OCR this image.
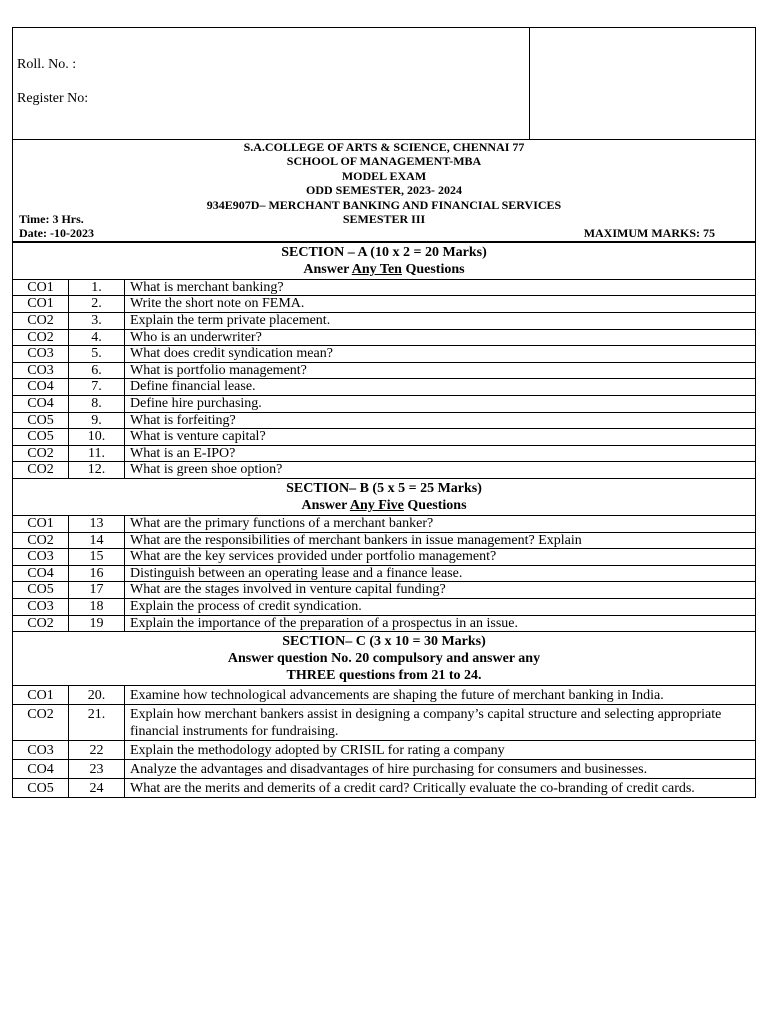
Roll. No. :
Register No:

S.A.COLLEGE OF ARTS & SCIENCE, CHENNAI 77
SCHOOL OF MANAGEMENT-MBA
MODEL EXAM
ODD SEMESTER, 2023- 2024
934E907D– MERCHANT BANKING AND FINANCIAL SERVICES
Time: 3 Hrs.	SEMESTER III
MAXIMUM MARKS: 75
Date: -10-2023
SECTION – A (10 x 2 = 20 Marks)
Answer Any Ten Questions		

CO1	1.	What is merchant banking?
CO1	2.	Write the short note on FEMA.
CO2	3.	Explain the term private placement.
CO2	4.	Who is an underwriter?
CO3	5.	What does credit syndication mean?
CO3	6.	What is portfolio management?
CO4	7.	Define financial lease.
CO4	8.	Define hire purchasing.
CO5	9.	What is forfeiting?
CO5	10.	What is venture capital?
CO2	11.	What is an E-IPO?
CO2	12.	What is green shoe option?

SECTION– B (5 x 5 = 25 Marks)
Answer Any Five Questions		

CO1	13	What are the primary functions of a merchant banker?
CO2	14	What are the responsibilities of merchant bankers in issue management? Explain
CO3	15	What are the key services provided under portfolio management?
CO4	16	Distinguish between an operating lease and a finance lease.
CO5	17	What are the stages involved in venture capital funding?
CO3	18	Explain the process of credit syndication.
CO2	19	Explain the importance of the preparation of a prospectus in an issue.

SECTION– C (3 x 10 = 30 Marks)
Answer question No. 20 compulsory and answer any
THREE questions from 21 to 24.		

CO1	20.	Examine how technological advancements are shaping the future of merchant banking in India.
CO2	21.	Explain how merchant bankers assist in designing a company’s capital structure and selecting appropriate financial instruments for fundraising.
CO3	22	Explain the methodology adopted by CRISIL for rating a company
CO4	23	Analyze the advantages and disadvantages of hire purchasing for consumers and businesses.
CO5	24	What are the merits and demerits of a credit card? Critically evaluate the co-branding of credit cards.
